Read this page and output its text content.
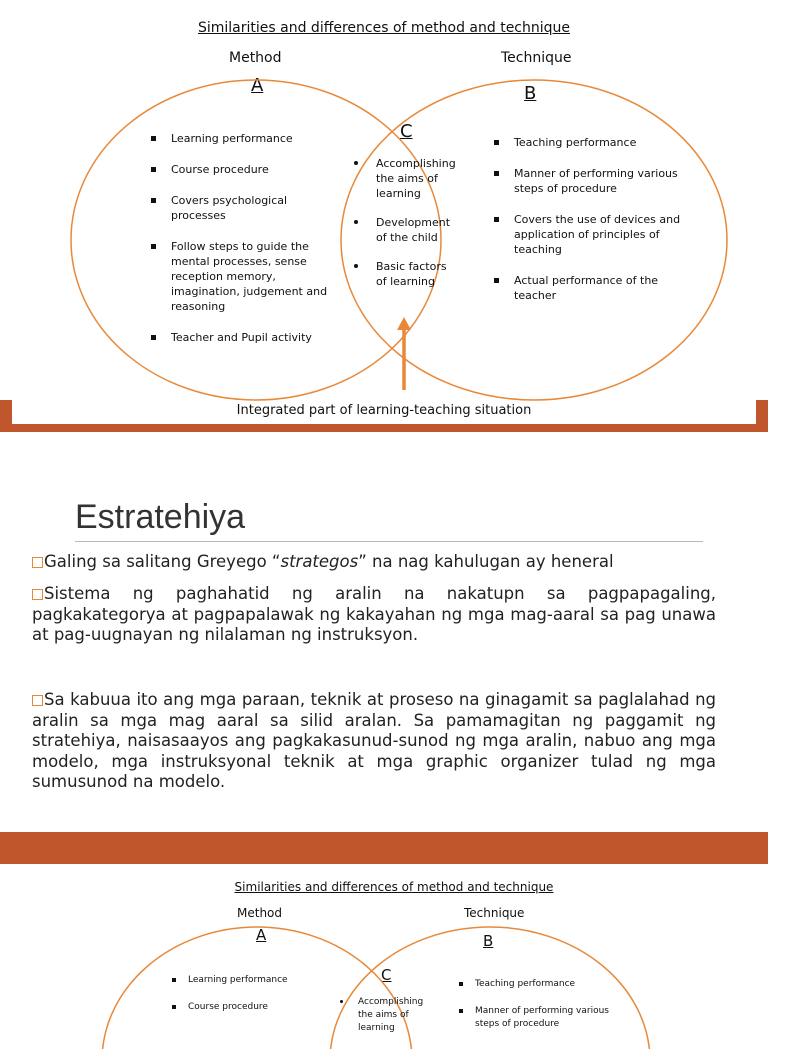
Similarities and differences of method and technique
Method	Technique
A	B
C
Learning performance
Course procedure
Covers psychological processes
Follow steps to guide the mental processes, sense reception memory, imagination, judgement and reasoning
Teacher and Pupil activity
Accomplishing the aims of learning
Development of the child
Basic factors of learning
Teaching performance
Manner of performing various steps of procedure
Covers the use of devices and application of principles of teaching
Actual performance of the teacher
Integrated part of learning-teaching situation
Estratehiya
Galing sa salitang Greyego “strategos” na nag kahulugan ay heneral
Sistema ng paghahatid ng aralin na nakatupn sa pagpapagaling, pagkakategorya at pagpapalawak ng kakayahan ng mga mag-aaral sa pag unawa at pag-uugnayan ng nilalaman ng instruksyon.
Sa kabuua ito ang mga paraan, teknik at proseso na ginagamit sa paglalahad ng aralin sa mga mag aaral sa silid aralan. Sa pamamagitan ng paggamit ng stratehiya, naisasaayos ang pagkakasunud-sunod ng mga aralin, nabuo ang mga modelo, mga instruksyonal teknik at mga graphic organizer tulad ng mga sumusunod na modelo.
Similarities and differences of method and technique
Method	Technique
A	B
C
Learning performance
Course procedure	Accomplishing the aims of learning
Teaching performance
Manner of performing various steps of procedure
